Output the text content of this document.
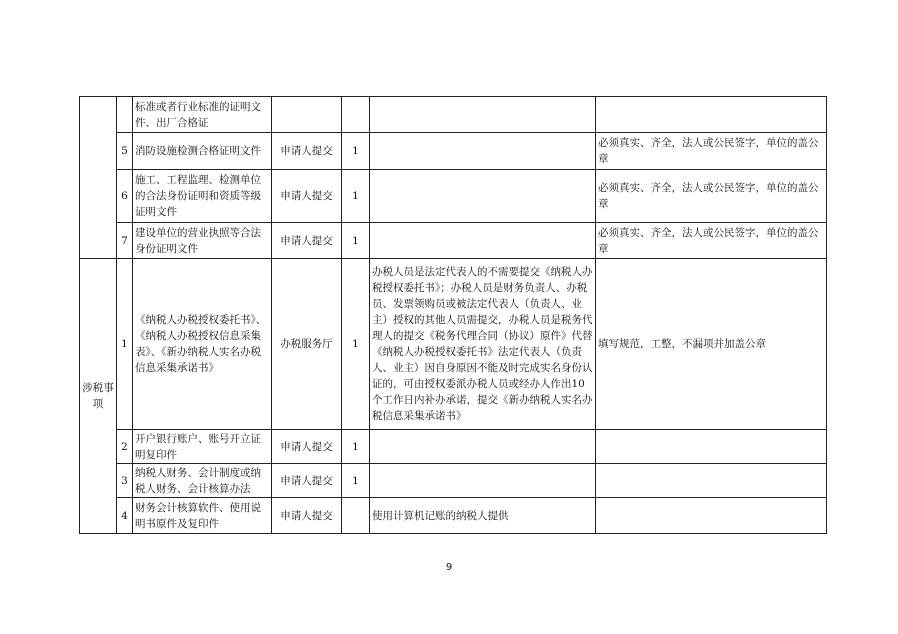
		标准或者行业标准的证明文件、出厂合格证				
	5	消防设施检测合格证明文件	申请人提交	1		必须真实、齐全，法人或公民签字，单位的盖公章
	6	施工、工程监理、检测单位的合法身份证明和资质等级证明文件	申请人提交	1		必须真实、齐全，法人或公民签字，单位的盖公章
	7	建设单位的营业执照等合法身份证明文件	申请人提交	1		必须真实、齐全，法人或公民签字，单位的盖公章
涉税事项	1	《纳税人办税授权委托书》、《纳税人办税授权信息采集表》、《新办纳税人实名办税信息采集承诺书》	办税服务厅	1	办税人员是法定代表人的不需要提交《纳税人办税授权委托书》；办税人员是财务负责人、办税员、发票领购员或被法定代表人（负责人、业主）授权的其他人员需提交，办税人员是税务代理人的提交《税务代理合同（协议）原件》代替《纳税人办税授权委托书》法定代表人（负责人、业主）因自身原因不能及时完成实名身份认证的，可由授权委派办税人员或经办人作出10个工作日内补办承诺，提交《新办纳税人实名办税信息采集承诺书》	填写规范，工整，不漏项并加盖公章
	2	开户银行账户、账号开立证明复印件	申请人提交	1		
	3	纳税人财务、会计制度或纳税人财务、会计核算办法	申请人提交	1		
	4	财务会计核算软件、使用说明书原件及复印件	申请人提交		使用计算机记账的纳税人提供	
9
